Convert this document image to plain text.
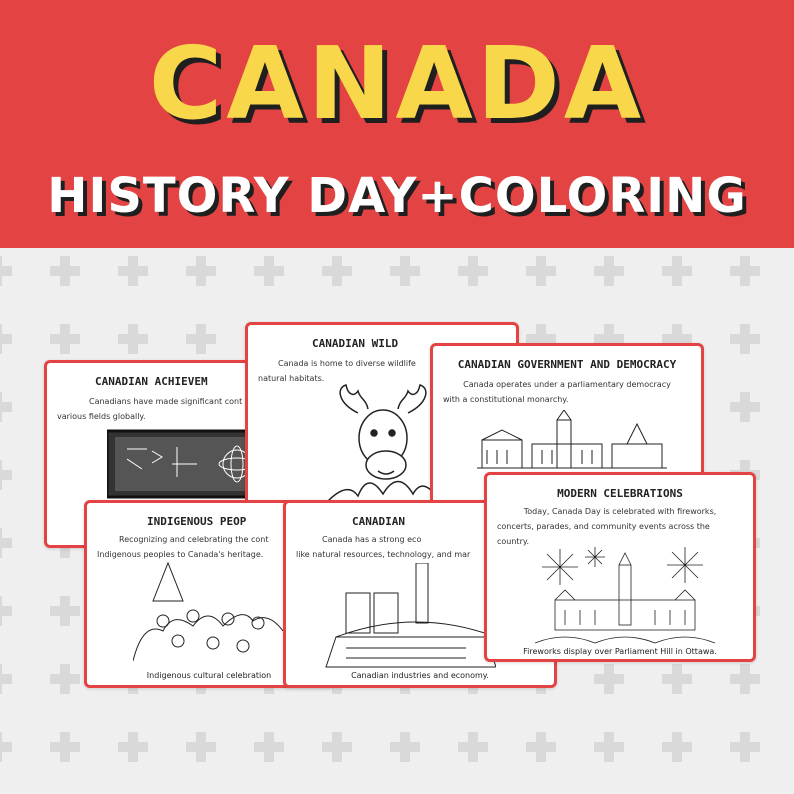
CANADA
HISTORY DAY+COLORING
CANADIAN ACHIEVEM

Canadians have made significant cont

various fields globally.

CANADIAN WILD

Canada is home to diverse wildlife

natural habitats.

CANADIAN GOVERNMENT AND DEMOCRACY

Canada operates under a parliamentary democracy

with a constitutional monarchy.

INDIGENOUS PEOP

Recognizing and celebrating the cont

Indigenous peoples to Canada's heritage.

Indigenous cultural celebration
CANADIAN

Canada has a strong eco

like natural resources, technology, and mar

Canadian industries and economy.
MODERN CELEBRATIONS

Today, Canada Day is celebrated with fireworks,

concerts, parades, and community events across the

country.

Fireworks display over Parliament Hill in Ottawa.
